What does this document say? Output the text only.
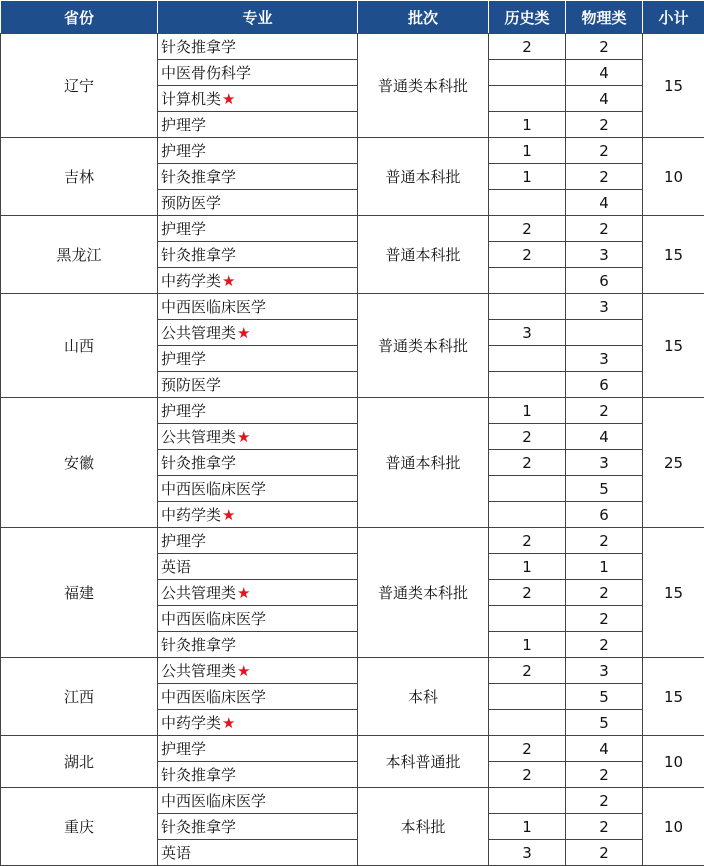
省份	专业	批次	历史类	物理类	小计
辽宁	针灸推拿学	普通类本科批	2	2	15
	中医骨伤科学			4	
	计算机类★			4	
	护理学		1	2	
吉林	护理学	普通本科批	1	2	10
	针灸推拿学		1	2	
	预防医学			4	
黑龙江	护理学	普通本科批	2	2	15
	针灸推拿学		2	3	
	中药学类★			6	
山西	中西医临床医学	普通类本科批		3	15
	公共管理类★		3		
	护理学			3	
	预防医学			6	
安徽	护理学	普通本科批	1	2	25
	公共管理类★		2	4	
	针灸推拿学		2	3	
	中西医临床医学			5	
	中药学类★			6	
福建	护理学	普通类本科批	2	2	15
	英语		1	1	
	公共管理类★		2	2	
	中西医临床医学			2	
	针灸推拿学		1	2	
江西	公共管理类★	本科	2	3	15
	中西医临床医学			5	
	中药学类★			5	
湖北	护理学	本科普通批	2	4	10
	针灸推拿学		2	2	
重庆	中西医临床医学	本科批		2	10
	针灸推拿学		1	2	
	英语		3	2	
